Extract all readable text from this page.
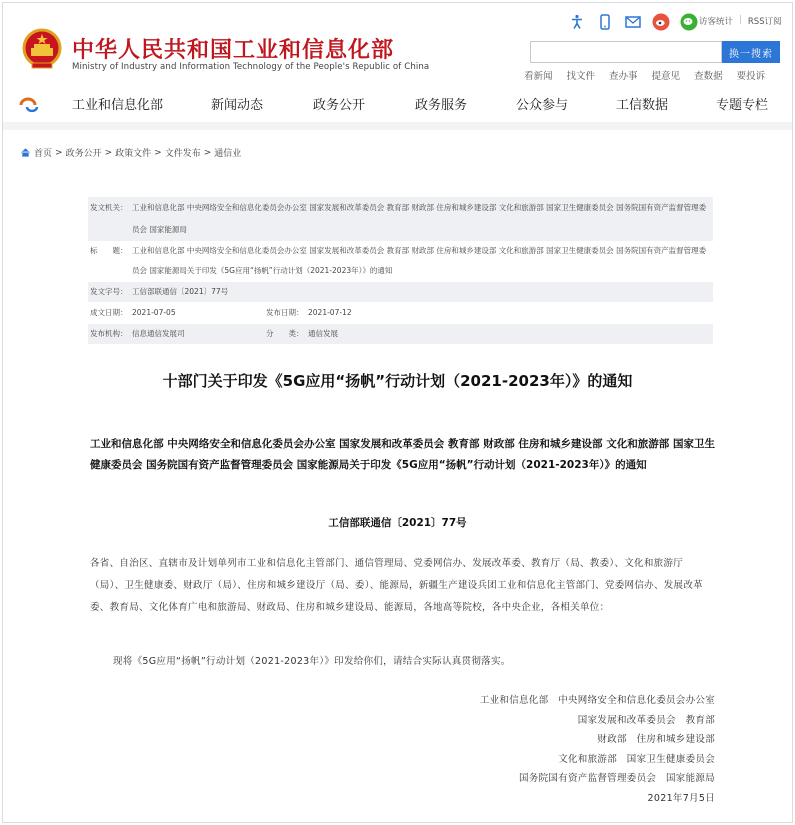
中华人民共和国工业和信息化部
Ministry of Industry and Information Technology of the People's Republic of China
访客统计 | RSS订阅
换一搜索
看新闻 找文件 查办事 提意见 查数据 要投诉
工业和信息化部	新闻动态	政务公开	政务服务	公众参与	工信数据	专题专栏
首页 > 政务公开 > 政策文件 > 文件发布 > 通信业
发文机关： 工业和信息化部 中央网络安全和信息化委员会办公室 国家发展和改革委员会 教育部 财政部 住房和城乡建设部 文化和旅游部 国家卫生健康委员会 国务院国有资产监督管理委员会 国家能源局
标　　题： 工业和信息化部 中央网络安全和信息化委员会办公室 国家发展和改革委员会 教育部 财政部 住房和城乡建设部 文化和旅游部 国家卫生健康委员会 国务院国有资产监督管理委员会 国家能源局关于印发《5G应用“扬帆”行动计划（2021-2023年）》的通知
发文字号： 工信部联通信〔2021〕77号
成文日期： 2021-07-05	发布日期： 2021-07-12
发布机构： 信息通信发展司	分　　类： 通信发展
十部门关于印发《5G应用“扬帆”行动计划（2021-2023年）》的通知
工业和信息化部 中央网络安全和信息化委员会办公室 国家发展和改革委员会 教育部 财政部 住房和城乡建设部 文化和旅游部 国家卫生健康委员会 国务院国有资产监督管理委员会 国家能源局关于印发《5G应用“扬帆”行动计划（2021-2023年）》的通知
工信部联通信〔2021〕77号
各省、自治区、直辖市及计划单列市工业和信息化主管部门、通信管理局、党委网信办、发展改革委、教育厅（局、教委）、文化和旅游厅（局）、卫生健康委、财政厅（局）、住房和城乡建设厅（局、委）、能源局，新疆生产建设兵团工业和信息化主管部门、党委网信办、发展改革委、教育局、文化体育广电和旅游局、财政局、住房和城乡建设局、能源局，各地高等院校，各中央企业，各相关单位：
现将《5G应用“扬帆”行动计划（2021-2023年）》印发给你们，请结合实际认真贯彻落实。
工业和信息化部　中央网络安全和信息化委员会办公室
国家发展和改革委员会　教育部
财政部　住房和城乡建设部
文化和旅游部　国家卫生健康委员会
国务院国有资产监督管理委员会　国家能源局
2021年7月5日
